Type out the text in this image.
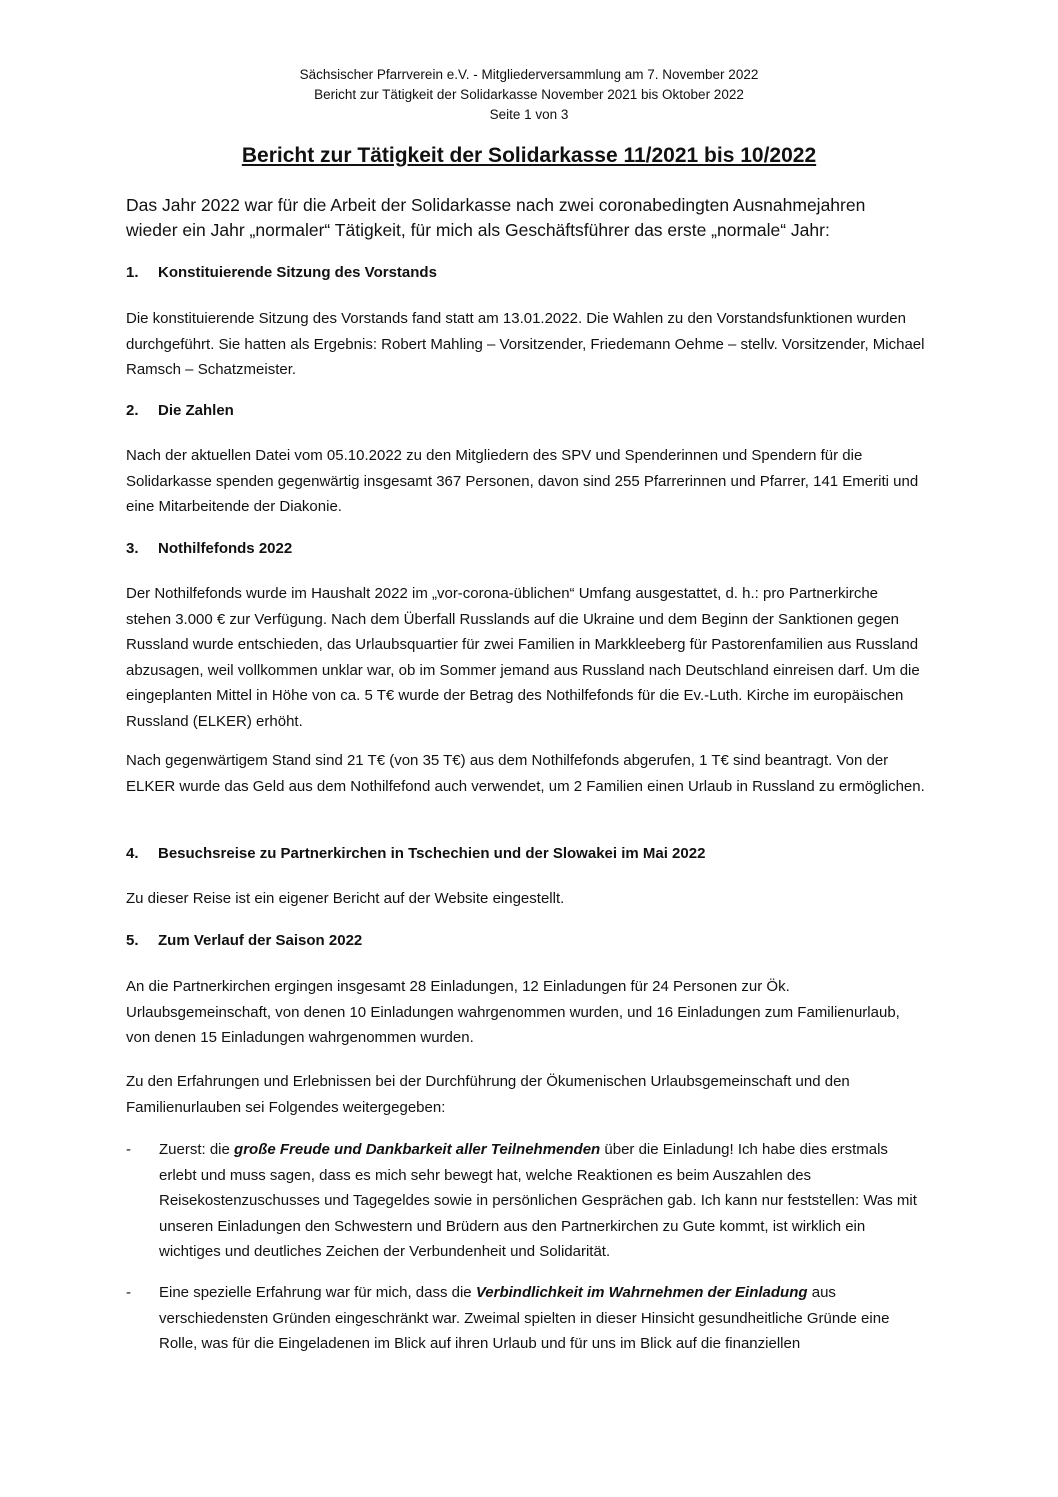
Sächsischer Pfarrverein e.V. - Mitgliederversammlung am 7. November 2022
Bericht zur Tätigkeit der Solidarkasse November 2021 bis Oktober 2022
Seite 1 von 3
Bericht zur Tätigkeit der Solidarkasse 11/2021 bis 10/2022
Das Jahr 2022 war für die Arbeit der Solidarkasse nach zwei coronabedingten Ausnahmejahren wieder ein Jahr „normaler“ Tätigkeit, für mich als Geschäftsführer das erste „normale“ Jahr:
1. Konstituierende Sitzung des Vorstands
Die konstituierende Sitzung des Vorstands fand statt am 13.01.2022. Die Wahlen zu den Vorstandsfunktionen wurden durchgeführt. Sie hatten als Ergebnis: Robert Mahling – Vorsitzender, Friedemann Oehme – stellv. Vorsitzender, Michael Ramsch – Schatzmeister.
2. Die Zahlen
Nach der aktuellen Datei vom 05.10.2022 zu den Mitgliedern des SPV und Spenderinnen und Spendern für die Solidarkasse spenden gegenwärtig insgesamt 367 Personen, davon sind 255 Pfarrerinnen und Pfarrer, 141 Emeriti und eine Mitarbeitende der Diakonie.
3. Nothilfefonds 2022
Der Nothilfefonds wurde im Haushalt 2022 im „vor-corona-üblichen“ Umfang ausgestattet, d. h.: pro Partnerkirche stehen 3.000 € zur Verfügung. Nach dem Überfall Russlands auf die Ukraine und dem Beginn der Sanktionen gegen Russland wurde entschieden, das Urlaubsquartier für zwei Familien in Markkleeberg für Pastorenfamilien aus Russland abzusagen, weil vollkommen unklar war, ob im Sommer jemand aus Russland nach Deutschland einreisen darf. Um die eingeplanten Mittel in Höhe von ca. 5 T€ wurde der Betrag des Nothilfefonds für die Ev.-Luth. Kirche im europäischen Russland (ELKER) erhöht.
Nach gegenwärtigem Stand sind 21 T€ (von 35 T€) aus dem Nothilfefonds abgerufen, 1 T€ sind beantragt. Von der ELKER wurde das Geld aus dem Nothilfefond auch verwendet, um 2 Familien einen Urlaub in Russland zu ermöglichen.
4. Besuchsreise zu Partnerkirchen in Tschechien und der Slowakei im Mai 2022
Zu dieser Reise ist ein eigener Bericht auf der Website eingestellt.
5. Zum Verlauf der Saison 2022
An die Partnerkirchen ergingen insgesamt 28 Einladungen, 12 Einladungen für 24 Personen zur Ök. Urlaubsgemeinschaft, von denen 10 Einladungen wahrgenommen wurden, und 16 Einladungen zum Familienurlaub, von denen 15 Einladungen wahrgenommen wurden.
Zu den Erfahrungen und Erlebnissen bei der Durchführung der Ökumenischen Urlaubsgemeinschaft und den Familienurlauben sei Folgendes weitergegeben:
- Zuerst: die große Freude und Dankbarkeit aller Teilnehmenden über die Einladung! Ich habe dies erstmals erlebt und muss sagen, dass es mich sehr bewegt hat, welche Reaktionen es beim Auszahlen des Reisekostenzuschusses und Tagegeldes sowie in persönlichen Gesprächen gab. Ich kann nur feststellen: Was mit unseren Einladungen den Schwestern und Brüdern aus den Partnerkirchen zu Gute kommt, ist wirklich ein wichtiges und deutliches Zeichen der Verbundenheit und Solidarität.
- Eine spezielle Erfahrung war für mich, dass die Verbindlichkeit im Wahrnehmen der Einladung aus verschiedensten Gründen eingeschränkt war. Zweimal spielten in dieser Hinsicht gesundheitliche Gründe eine Rolle, was für die Eingeladenen im Blick auf ihren Urlaub und für uns im Blick auf die finanziellen
